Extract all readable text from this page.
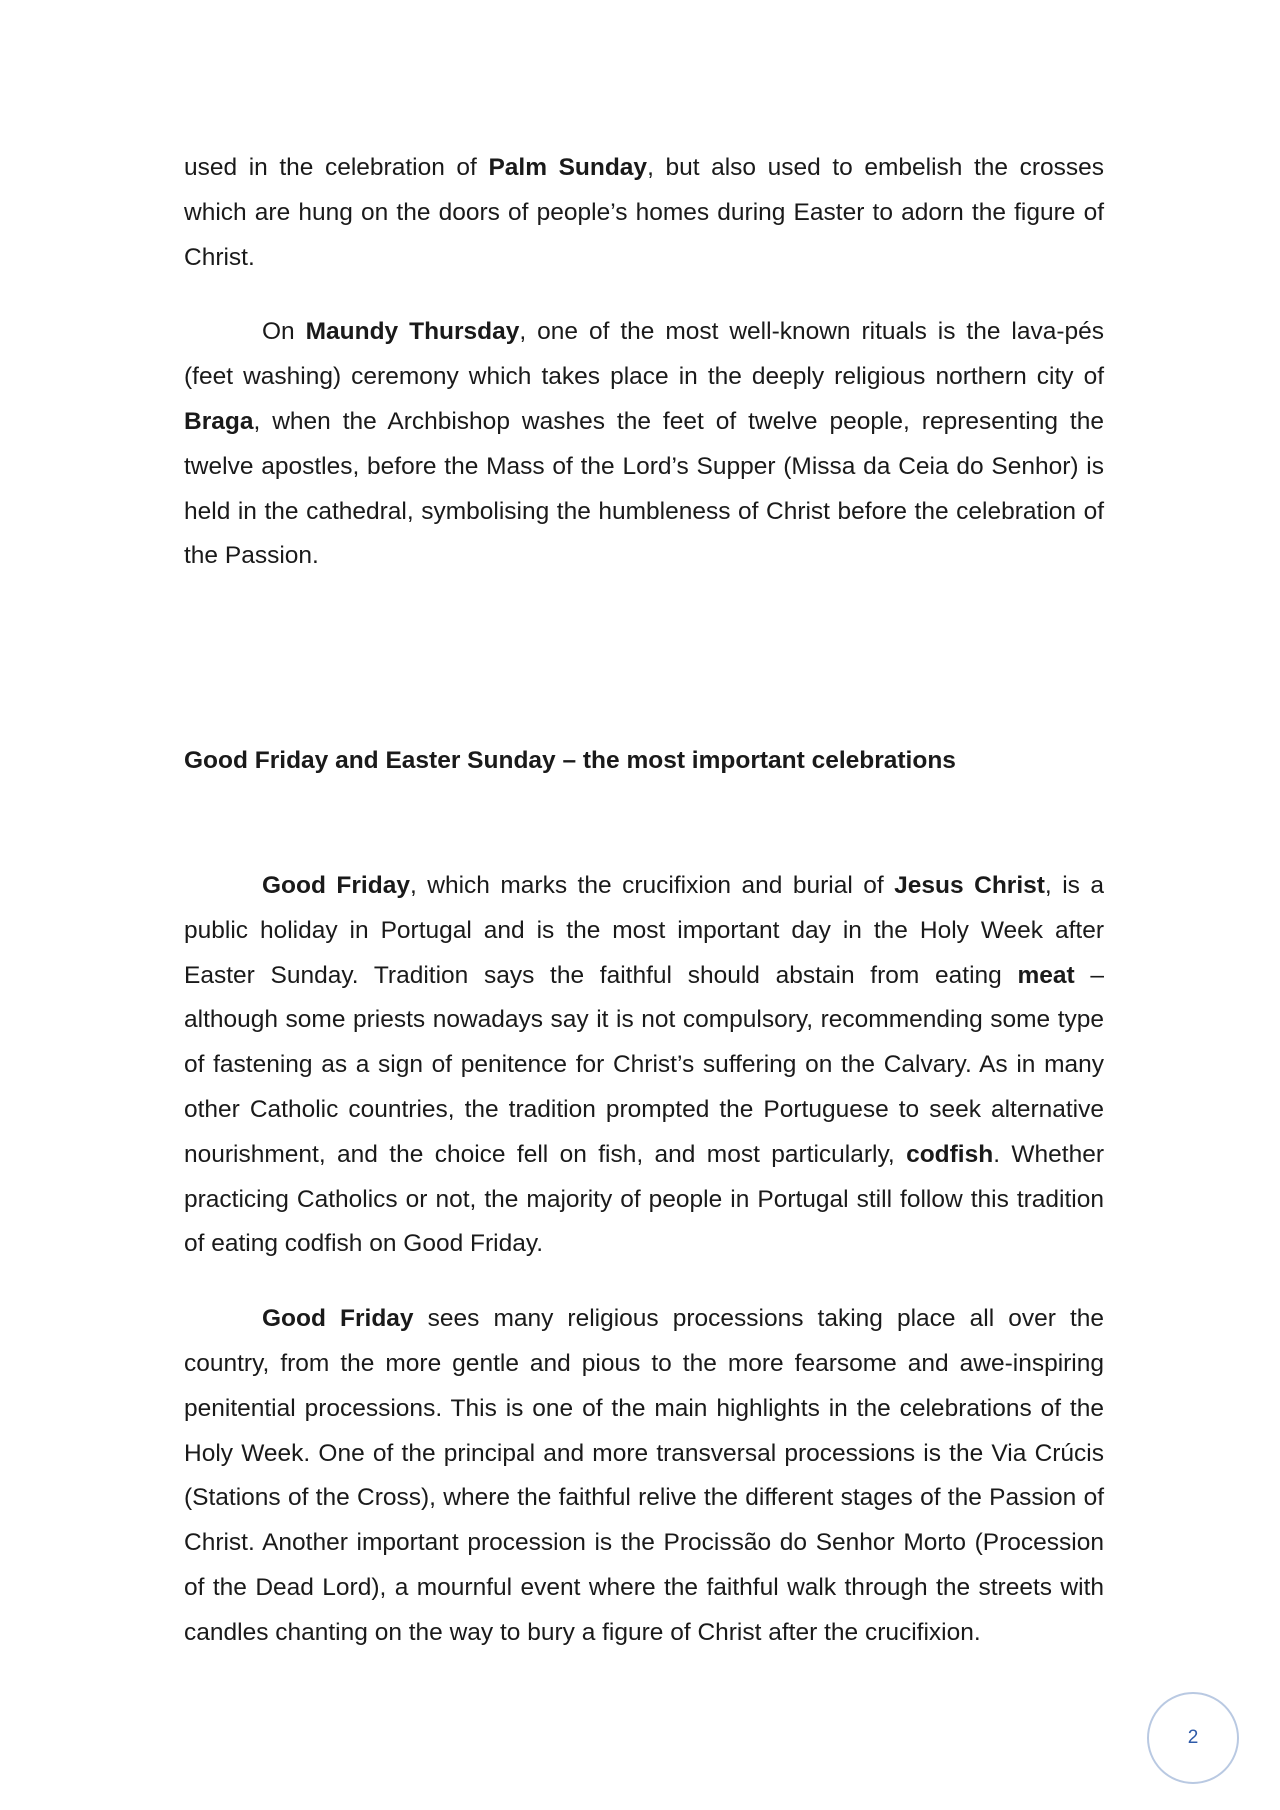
used in the celebration of Palm Sunday, but also used to embelish the crosses which are hung on the doors of people’s homes during Easter to adorn the figure of Christ.

On Maundy Thursday, one of the most well-known rituals is the lava-pés (feet washing) ceremony which takes place in the deeply religious northern city of Braga, when the Archbishop washes the feet of twelve people, representing the twelve apostles, before the Mass of the Lord’s Supper (Missa da Ceia do Senhor) is held in the cathedral, symbolising the humbleness of Christ before the celebration of the Passion.

Good Friday and Easter Sunday – the most important celebrations

Good Friday, which marks the crucifixion and burial of Jesus Christ, is a public holiday in Portugal and is the most important day in the Holy Week after Easter Sunday. Tradition says the faithful should abstain from eating meat – although some priests nowadays say it is not compulsory, recommending some type of fastening as a sign of penitence for Christ’s suffering on the Calvary. As in many other Catholic countries, the tradition prompted the Portuguese to seek alternative nourishment, and the choice fell on fish, and most particularly, codfish. Whether practicing Catholics or not, the majority of people in Portugal still follow this tradition of eating codfish on Good Friday.

Good Friday sees many religious processions taking place all over the country, from the more gentle and pious to the more fearsome and awe-inspiring penitential processions. This is one of the main highlights in the celebrations of the Holy Week. One of the principal and more transversal processions is the Via Crúcis (Stations of the Cross), where the faithful relive the different stages of the Passion of Christ. Another important procession is the Procissão do Senhor Morto (Procession of the Dead Lord), a mournful event where the faithful walk through the streets with candles chanting on the way to bury a figure of Christ after the crucifixion.

2
